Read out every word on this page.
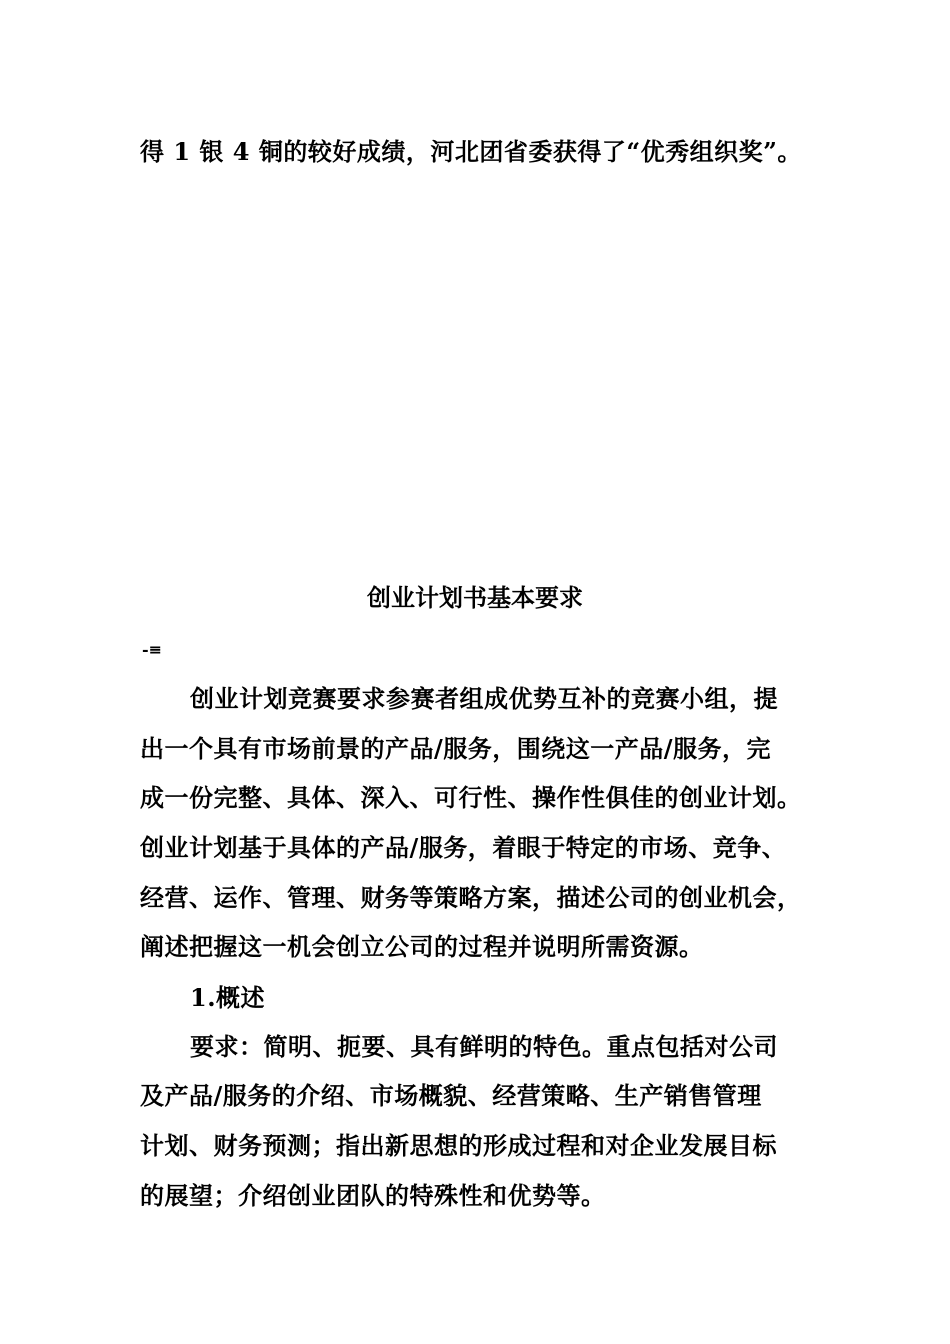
得 1 银 4 铜的较好成绩，河北团省委获得了“优秀组织奖”。
创业计划书基本要求
-≡
创业计划竞赛要求参赛者组成优势互补的竞赛小组，提
出一个具有市场前景的产品/服务，围绕这一产品/服务，完
成一份完整、具体、深入、可行性、操作性俱佳的创业计划。
创业计划基于具体的产品/服务，着眼于特定的市场、竞争、
经营、运作、管理、财务等策略方案，描述公司的创业机会，
阐述把握这一机会创立公司的过程并说明所需资源。
1.概述
要求：简明、扼要、具有鲜明的特色。重点包括对公司
及产品/服务的介绍、市场概貌、经营策略、生产销售管理
计划、财务预测；指出新思想的形成过程和对企业发展目标
的展望；介绍创业团队的特殊性和优势等。
